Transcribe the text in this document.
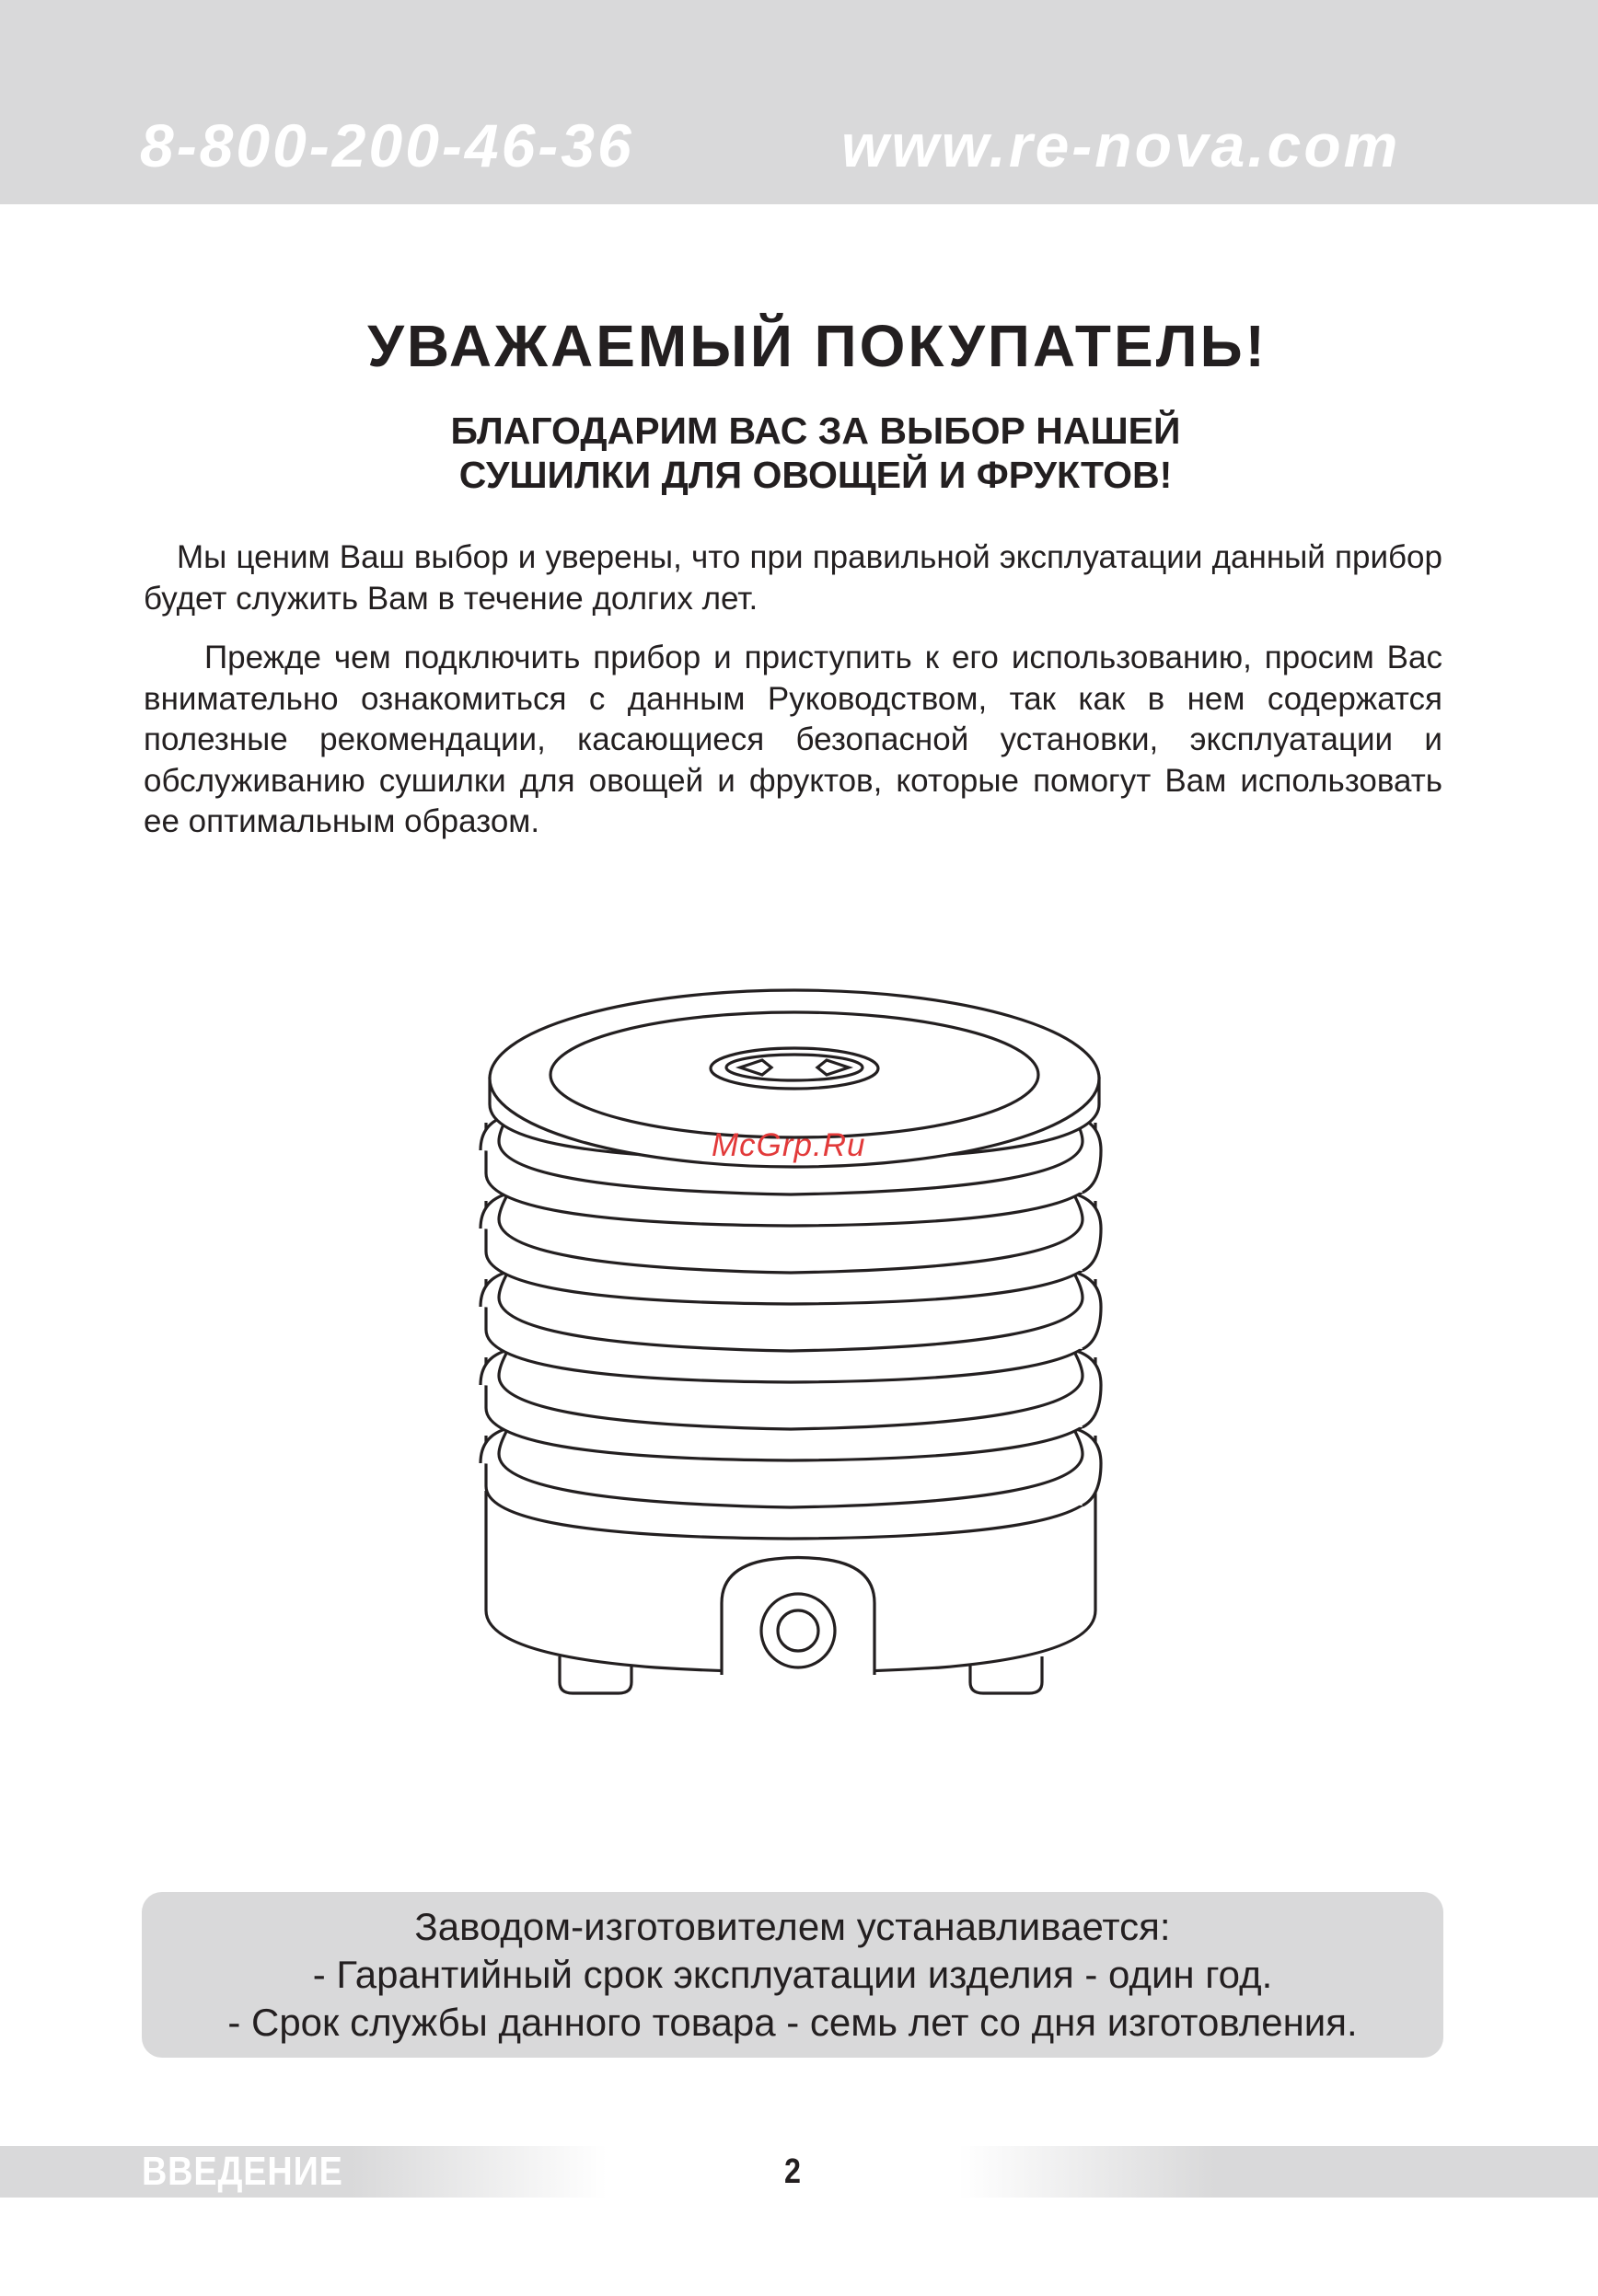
8-800-200-46-36	www.re-nova.com
УВАЖАЕМЫЙ ПОКУПАТЕЛЬ!
БЛАГОДАРИМ ВАС ЗА ВЫБОР НАШЕЙ
СУШИЛКИ ДЛЯ ОВОЩЕЙ И ФРУКТОВ!

Мы ценим Ваш выбор и уверены, что при правильной эксплуатации данный прибор будет служить Вам в течение долгих лет.

Прежде чем подключить прибор и приступить к его использованию, просим Вас внимательно ознакомиться с данным Руководством, так как в нем содержатся полезные рекомендации, касающиеся безопасной установки, эксплуатации и обслуживанию сушилки для овощей и фруктов, которые помогут Вам использовать ее оптимальным образом.

McGrp.Ru
Заводом-изготовителем устанавливается:
- Гарантийный срок эксплуатации изделия - один год.
- Срок службы данного товара - семь лет со дня изготовления.
ВВЕДЕНИЕ	2
